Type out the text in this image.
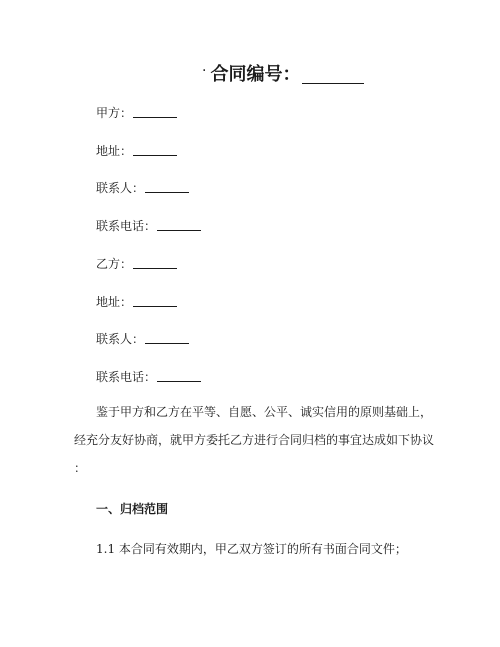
· 合同编号：
甲方：
地址：
联系人：
联系电话：
乙方：
地址：
联系人：
联系电话：

鉴于甲方和乙方在平等、自愿、公平、诚实信用的原则基础上，

经充分友好协商，就甲方委托乙方进行合同归档的事宜达成如下协议

：

一、归档范围
1.1 本合同有效期内，甲乙双方签订的所有书面合同文件；
